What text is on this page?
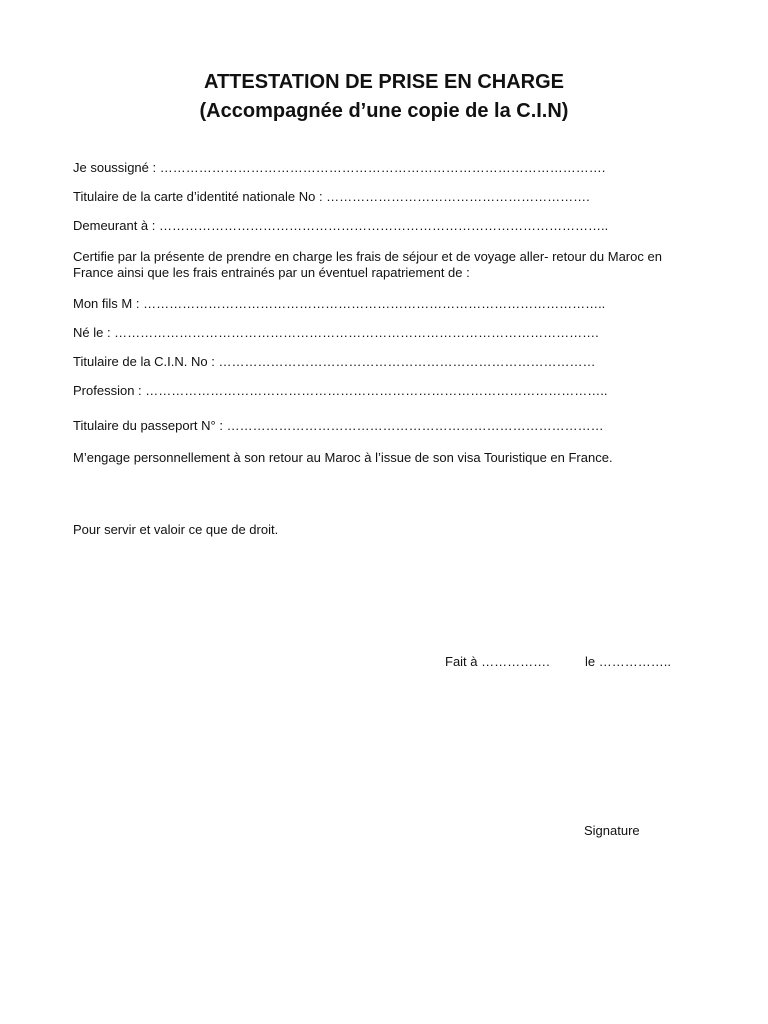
ATTESTATION DE PRISE EN CHARGE
(Accompagnée d’une copie de la C.I.N)
Je soussigné : ………………………………………………………………………………………….
Titulaire de la carte d’identité nationale No : …………………………………………………….
Demeurant à : …………………………………………………………………………………………..
Certifie par la présente de prendre en charge les frais de séjour et de voyage aller- retour du Maroc en France ainsi que les frais entrainés par un éventuel rapatriement de :
Mon fils M : ……………………………………………………………………………………………..
Né le : ………………………………………………………………………………………………….
Titulaire de la C.I.N. No : ……………………………………………………………………………
Profession : ……………………………………………………………………………………………..
Titulaire du passeport N° : ……………………………………………………………………………
M’engage personnellement à son retour au Maroc à l’issue de son visa Touristique en France.
Pour servir et valoir ce que de droit.
Fait à …………….	le ……………..
Signature
